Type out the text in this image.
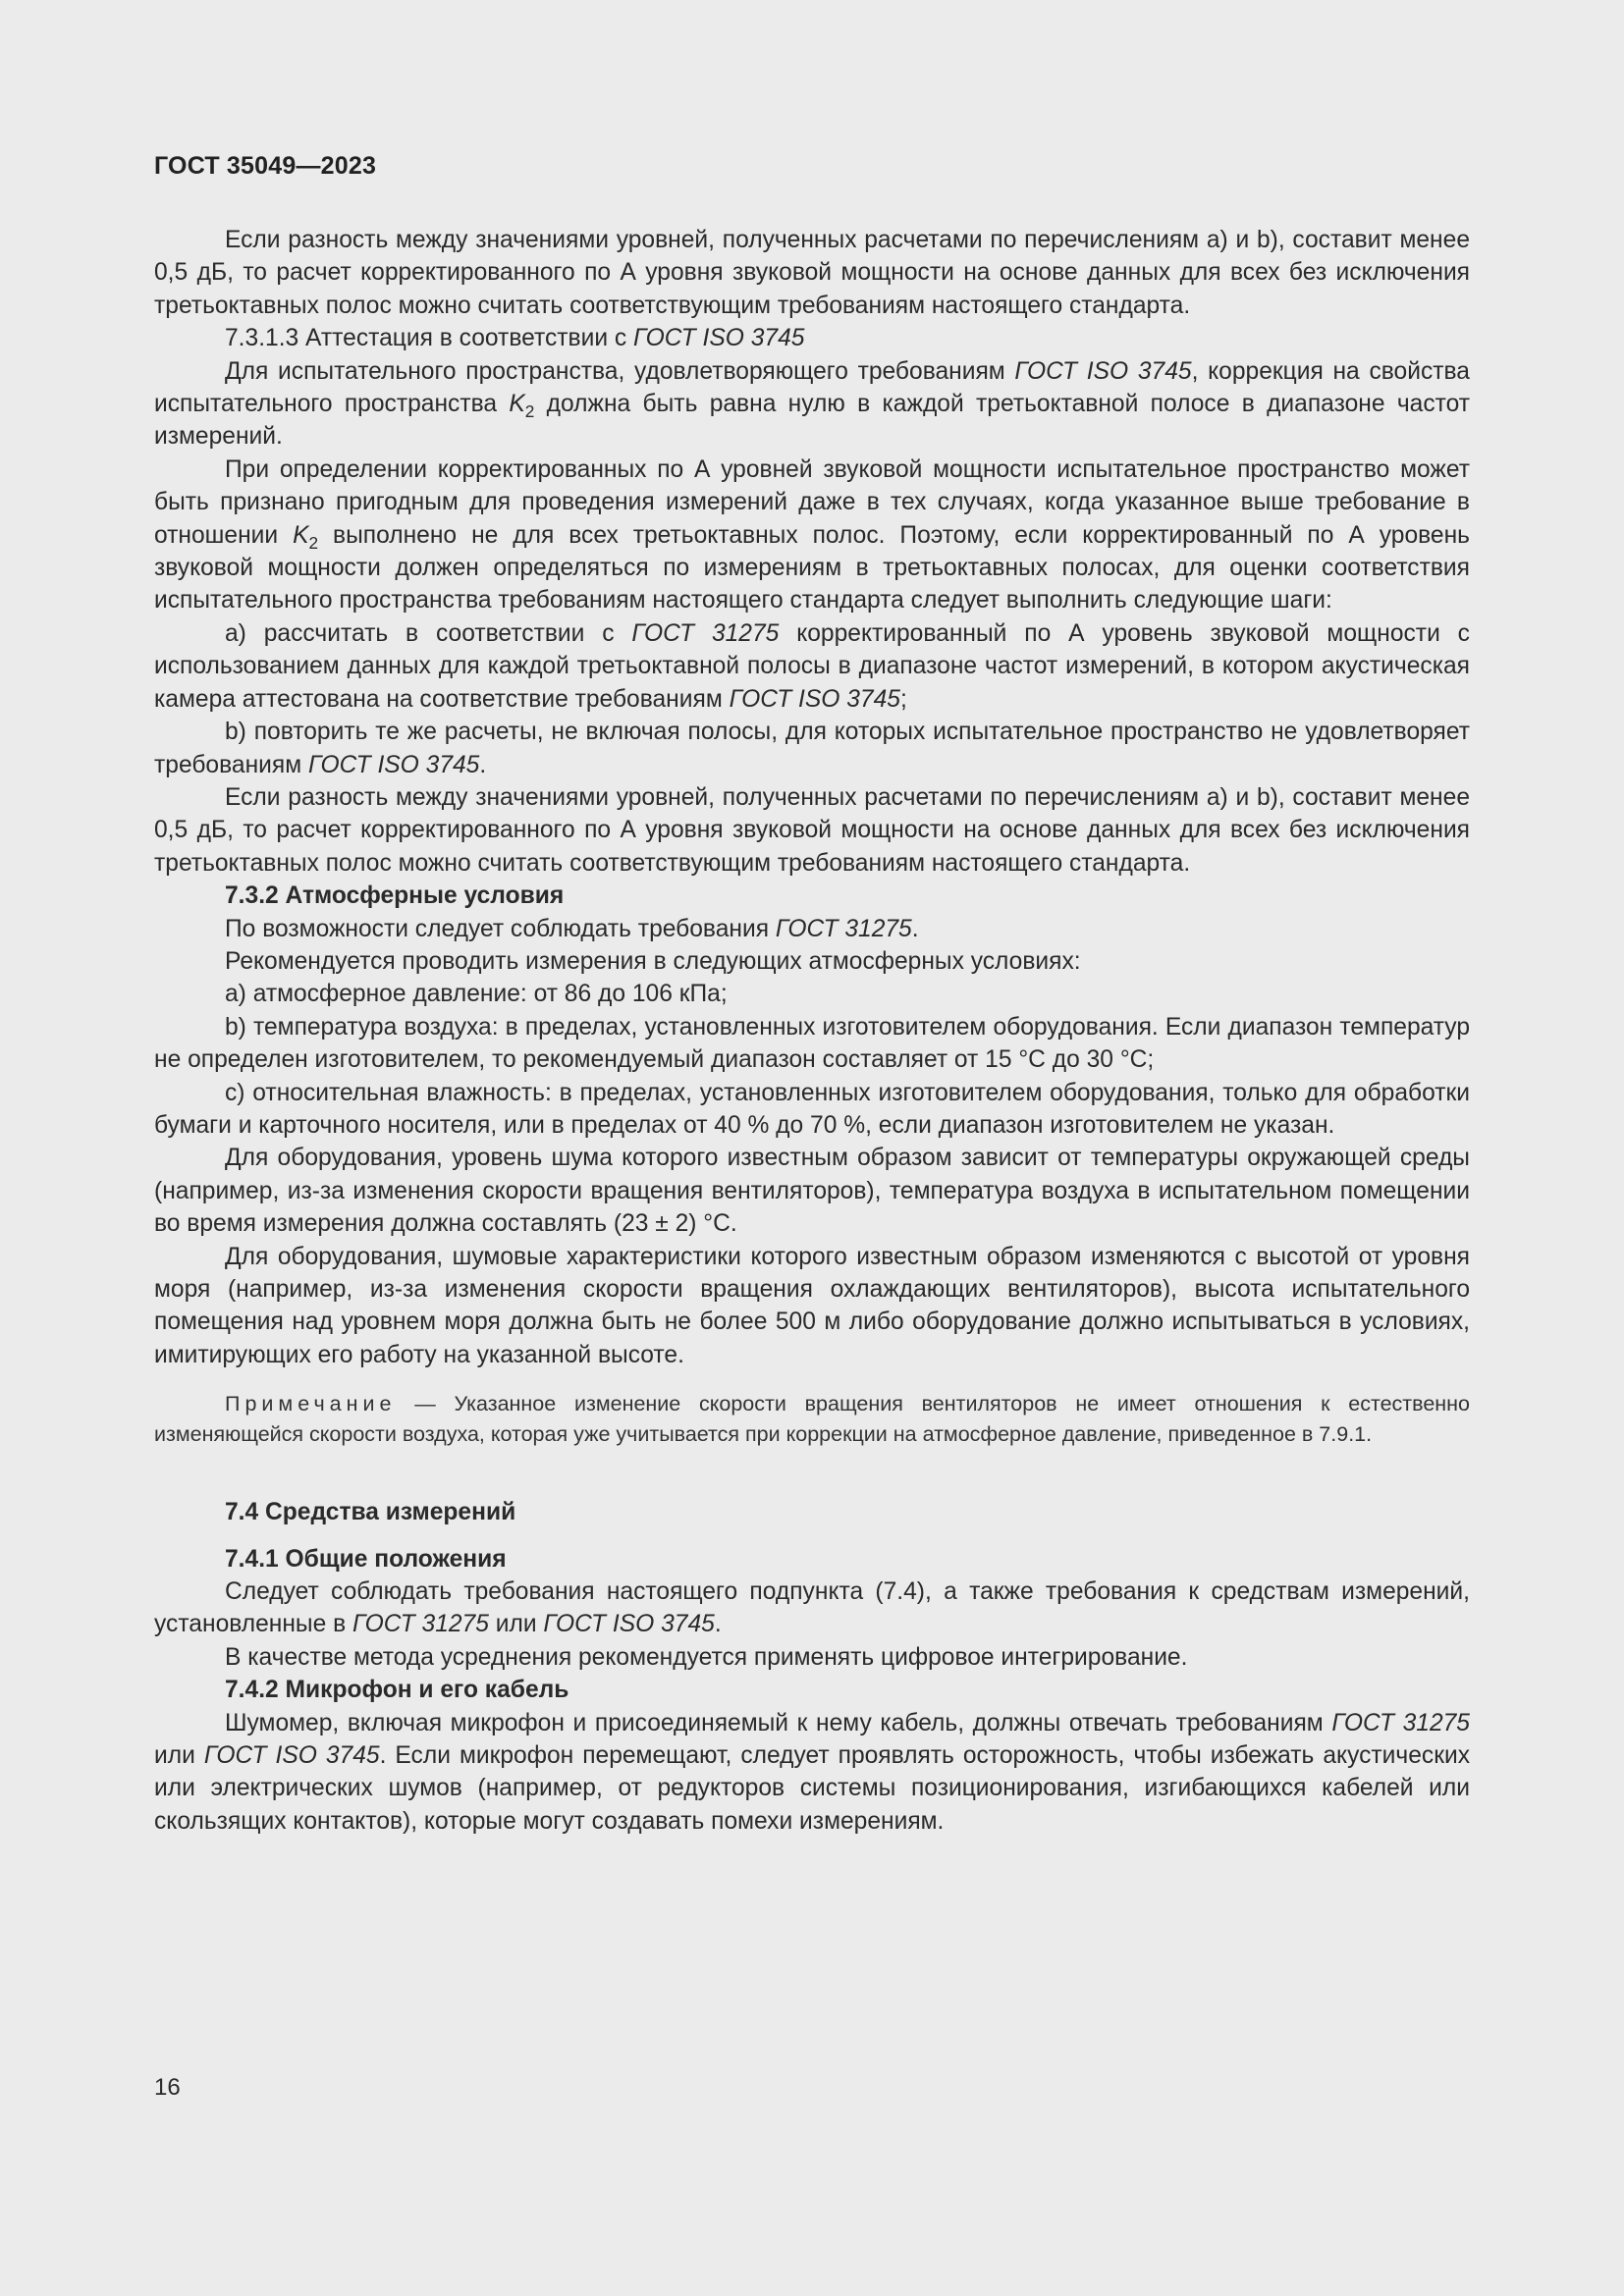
ГОСТ 35049—2023

Если разность между значениями уровней, полученных расчетами по перечислениям а) и b), составит менее 0,5 дБ, то расчет корректированного по А уровня звуковой мощности на основе данных для всех без исключения третьоктавных полос можно считать соответствующим требованиям настоящего стандарта.

7.3.1.3 Аттестация в соответствии с ГОСТ ISO 3745

Для испытательного пространства, удовлетворяющего требованиям ГОСТ ISO 3745, коррекция на свойства испытательного пространства $K_2$ должна быть равна нулю в каждой третьоктавной полосе в диапазоне частот измерений.

При определении корректированных по А уровней звуковой мощности испытательное пространство может быть признано пригодным для проведения измерений даже в тех случаях, когда указанное выше требование в отношении $K_2$ выполнено не для всех третьоктавных полос. Поэтому, если корректированный по А уровень звуковой мощности должен определяться по измерениям в третьоктавных полосах, для оценки соответствия испытательного пространства требованиям настоящего стандарта следует выполнить следующие шаги:

а) рассчитать в соответствии с ГОСТ 31275 корректированный по А уровень звуковой мощности с использованием данных для каждой третьоктавной полосы в диапазоне частот измерений, в котором акустическая камера аттестована на соответствие требованиям ГОСТ ISO 3745;

b) повторить те же расчеты, не включая полосы, для которых испытательное пространство не удовлетворяет требованиям ГОСТ ISO 3745.

Если разность между значениями уровней, полученных расчетами по перечислениям а) и b), составит менее 0,5 дБ, то расчет корректированного по А уровня звуковой мощности на основе данных для всех без исключения третьоктавных полос можно считать соответствующим требованиям настоящего стандарта.

7.3.2 Атмосферные условия

По возможности следует соблюдать требования ГОСТ 31275.

Рекомендуется проводить измерения в следующих атмосферных условиях:

а) атмосферное давление: от 86 до 106 кПа;

b) температура воздуха: в пределах, установленных изготовителем оборудования. Если диапазон температур не определен изготовителем, то рекомендуемый диапазон составляет от 15 °С до 30 °С;

с) относительная влажность: в пределах, установленных изготовителем оборудования, только для обработки бумаги и карточного носителя, или в пределах от 40 % до 70 %, если диапазон изготовителем не указан.

Для оборудования, уровень шума которого известным образом зависит от температуры окружающей среды (например, из-за изменения скорости вращения вентиляторов), температура воздуха в испытательном помещении во время измерения должна составлять (23 ± 2) °С.

Для оборудования, шумовые характеристики которого известным образом изменяются с высотой от уровня моря (например, из-за изменения скорости вращения охлаждающих вентиляторов), высота испытательного помещения над уровнем моря должна быть не более 500 м либо оборудование должно испытываться в условиях, имитирующих его работу на указанной высоте.

Примечание — Указанное изменение скорости вращения вентиляторов не имеет отношения к естественно изменяющейся скорости воздуха, которая уже учитывается при коррекции на атмосферное давление, приведенное в 7.9.1.

7.4 Средства измерений

7.4.1 Общие положения

Следует соблюдать требования настоящего подпункта (7.4), а также требования к средствам измерений, установленные в ГОСТ 31275 или ГОСТ ISO 3745.

В качестве метода усреднения рекомендуется применять цифровое интегрирование.

7.4.2 Микрофон и его кабель

Шумомер, включая микрофон и присоединяемый к нему кабель, должны отвечать требованиям ГОСТ 31275 или ГОСТ ISO 3745. Если микрофон перемещают, следует проявлять осторожность, чтобы избежать акустических или электрических шумов (например, от редукторов системы позиционирования, изгибающихся кабелей или скользящих контактов), которые могут создавать помехи измерениям.

16
